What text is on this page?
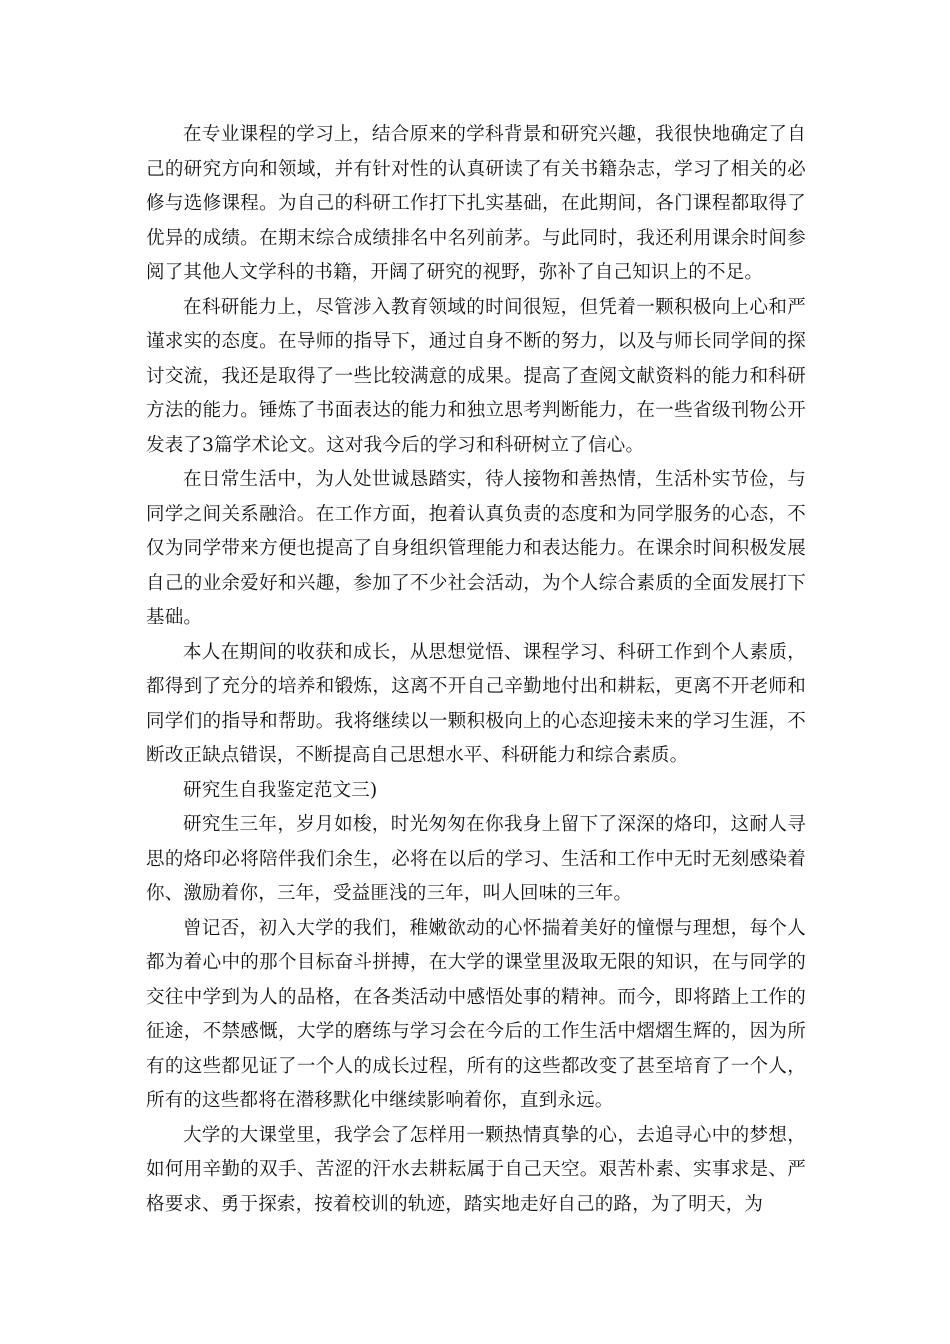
在专业课程的学习上，结合原来的学科背景和研究兴趣，我很快地确定了自己的研究方向和领域，并有针对性的认真研读了有关书籍杂志，学习了相关的必修与选修课程。为自己的科研工作打下扎实基础，在此期间，各门课程都取得了优异的成绩。在期末综合成绩排名中名列前茅。与此同时，我还利用课余时间参阅了其他人文学科的书籍，开阔了研究的视野，弥补了自己知识上的不足。

在科研能力上，尽管涉入教育领域的时间很短，但凭着一颗积极向上心和严谨求实的态度。在导师的指导下，通过自身不断的努力，以及与师长同学间的探讨交流，我还是取得了一些比较满意的成果。提高了查阅文献资料的能力和科研方法的能力。锤炼了书面表达的能力和独立思考判断能力，在一些省级刊物公开发表了3篇学术论文。这对我今后的学习和科研树立了信心。

在日常生活中，为人处世诚恳踏实，待人接物和善热情，生活朴实节俭，与同学之间关系融洽。在工作方面，抱着认真负责的态度和为同学服务的心态，不仅为同学带来方便也提高了自身组织管理能力和表达能力。在课余时间积极发展自己的业余爱好和兴趣，参加了不少社会活动，为个人综合素质的全面发展打下基础。

本人在期间的收获和成长，从思想觉悟、课程学习、科研工作到个人素质，都得到了充分的培养和锻炼，这离不开自己辛勤地付出和耕耘，更离不开老师和同学们的指导和帮助。我将继续以一颗积极向上的心态迎接未来的学习生涯，不断改正缺点错误，不断提高自己思想水平、科研能力和综合素质。

研究生自我鉴定范文三)

研究生三年，岁月如梭，时光匆匆在你我身上留下了深深的烙印，这耐人寻思的烙印必将陪伴我们余生，必将在以后的学习、生活和工作中无时无刻感染着你、激励着你，三年，受益匪浅的三年，叫人回味的三年。

曾记否，初入大学的我们，稚嫩欲动的心怀揣着美好的憧憬与理想，每个人都为着心中的那个目标奋斗拼搏，在大学的课堂里汲取无限的知识，在与同学的交往中学到为人的品格，在各类活动中感悟处事的精神。而今，即将踏上工作的征途，不禁感慨，大学的磨练与学习会在今后的工作生活中熠熠生辉的，因为所有的这些都见证了一个人的成长过程，所有的这些都改变了甚至培育了一个人，所有的这些都将在潜移默化中继续影响着你，直到永远。

大学的大课堂里，我学会了怎样用一颗热情真挚的心，去追寻心中的梦想，如何用辛勤的双手、苦涩的汗水去耕耘属于自己天空。艰苦朴素、实事求是、严格要求、勇于探索，按着校训的轨迹，踏实地走好自己的路，为了明天，为
